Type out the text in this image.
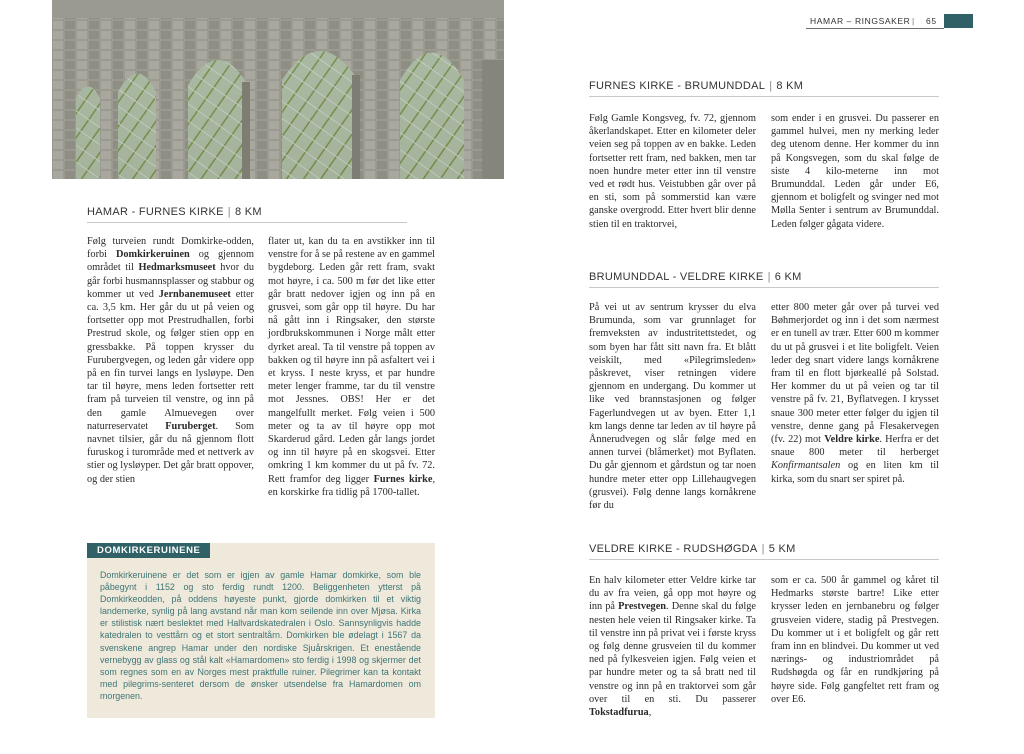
HAMAR – RINGSAKER | 65
HAMAR - FURNES KIRKE | 8 KM
Følg turveien rundt Domkirke-odden, forbi Domkirkeruinen og gjennom området til Hedmarksmuseet hvor du går forbi husmannsplasser og stabbur og kommer ut ved Jernbanemuseet etter ca. 3,5 km. Her går du ut på veien og fortsetter opp mot Prestrudhallen, forbi Prestrud skole, og følger stien opp en gressbakke. På toppen krysser du Furubergvegen, og leden går videre opp på en fin turvei langs en lysløype. Den tar til høyre, mens leden fortsetter rett fram på turveien til venstre, og inn på den gamle Almuevegen over naturreservatet Furuberget. Som navnet tilsier, går du nå gjennom flott furuskog i turområde med et nettverk av stier og lysløyper. Det går bratt oppover, og der stien
flater ut, kan du ta en avstikker inn til venstre for å se på restene av en gammel bygdeborg. Leden går rett fram, svakt mot høyre, i ca. 500 m før det like etter går bratt nedover igjen og inn på en grusvei, som går opp til høyre. Du har nå gått inn i Ringsaker, den største jordbrukskommunen i Norge målt etter dyrket areal. Ta til venstre på toppen av bakken og til høyre inn på asfaltert vei i et kryss. I neste kryss, et par hundre meter lenger framme, tar du til venstre mot Jessnes. OBS! Her er det mangelfullt merket. Følg veien i 500 meter og ta av til høyre opp mot Skarderud gård. Leden går langs jordet og inn til høyre på en skogsvei. Etter omkring 1 km kommer du ut på fv. 72. Rett framfor deg ligger Furnes kirke, en korskirke fra tidlig på 1700-tallet.
DOMKIRKERUINENE
Domkirkeruinene er det som er igjen av gamle Hamar domkirke, som ble påbegynt i 1152 og sto ferdig rundt 1200. Beliggenheten ytterst på Domkirkeodden, på oddens høyeste punkt, gjorde domkirken til et viktig landemerke, synlig på lang avstand når man kom seilende inn over Mjøsa. Kirka er stilistisk nært beslektet med Hallvardskatedralen i Oslo. Sannsynligvis hadde katedralen to vesttårn og et stort sentraltårn. Domkirken ble ødelagt i 1567 da svenskene angrep Hamar under den nordiske Sjuårskrigen. Et enestående vernebygg av glass og stål kalt «Hamardomen» sto ferdig i 1998 og skjermer det som regnes som en av Norges mest praktfulle ruiner. Pilegrimer kan ta kontakt med pilegrims-senteret dersom de ønsker utsendelse fra Hamardomen om morgenen.
FURNES KIRKE - BRUMUNDDAL | 8 KM
Følg Gamle Kongsveg, fv. 72, gjennom åkerlandskapet. Etter en kilometer deler veien seg på toppen av en bakke. Leden fortsetter rett fram, ned bakken, men tar noen hundre meter etter inn til venstre ved et rødt hus. Veistubben går over på en sti, som på sommerstid kan være ganske overgrodd. Etter hvert blir denne stien til en traktorvei,
som ender i en grusvei. Du passerer en gammel hulvei, men ny merking leder deg utenom denne. Her kommer du inn på Kongsvegen, som du skal følge de siste 4 kilo-meterne inn mot Brumunddal. Leden går under E6, gjennom et boligfelt og svinger ned mot Mølla Senter i sentrum av Brumunddal. Leden følger gågata videre.
BRUMUNDDAL - VELDRE KIRKE | 6 KM
På vei ut av sentrum krysser du elva Brumunda, som var grunnlaget for fremveksten av industritettstedet, og som byen har fått sitt navn fra. Et blått veiskilt, med «Pilegrimsleden» påskrevet, viser retningen videre gjennom en undergang. Du kommer ut like ved brannstasjonen og følger Fagerlundvegen ut av byen. Etter 1,1 km langs denne tar leden av til høyre på Ånnerudvegen og slår følge med en annen turvei (blåmerket) mot Byflaten. Du går gjennom et gårdstun og tar noen hundre meter etter opp Lillehaugvegen (grusvei). Følg denne langs kornåkrene før du
etter 800 meter går over på turvei ved Bøhmerjordet og inn i det som nærmest er en tunell av trær. Etter 600 m kommer du ut på grusvei i et lite boligfelt. Veien leder deg snart videre langs kornåkrene fram til en flott bjørkeallé på Solstad. Her kommer du ut på veien og tar til venstre på fv. 21, Byflatvegen. I krysset snaue 300 meter etter følger du igjen til venstre, denne gang på Flesakervegen (fv. 22) mot Veldre kirke. Herfra er det snaue 800 meter til herberget Konfirmantsalen og en liten km til kirka, som du snart ser spiret på.
VELDRE KIRKE - RUDSHØGDA | 5 KM
En halv kilometer etter Veldre kirke tar du av fra veien, gå opp mot høyre og inn på Prestvegen. Denne skal du følge nesten hele veien til Ringsaker kirke. Ta til venstre inn på privat vei i første kryss og følg denne grusveien til du kommer ned på fylkesveien igjen. Følg veien et par hundre meter og ta så bratt ned til venstre og inn på en traktorvei som går over til en sti. Du passerer Tokstadfurua,
som er ca. 500 år gammel og kåret til Hedmarks største bartre! Like etter krysser leden en jernbanebru og følger grusveien videre, stadig på Prestvegen. Du kommer ut i et boligfelt og går rett fram inn en blindvei. Du kommer ut ved nærings- og industriområdet på Rudshøgda og får en rundkjøring på høyre side. Følg gangfeltet rett fram og over E6.
